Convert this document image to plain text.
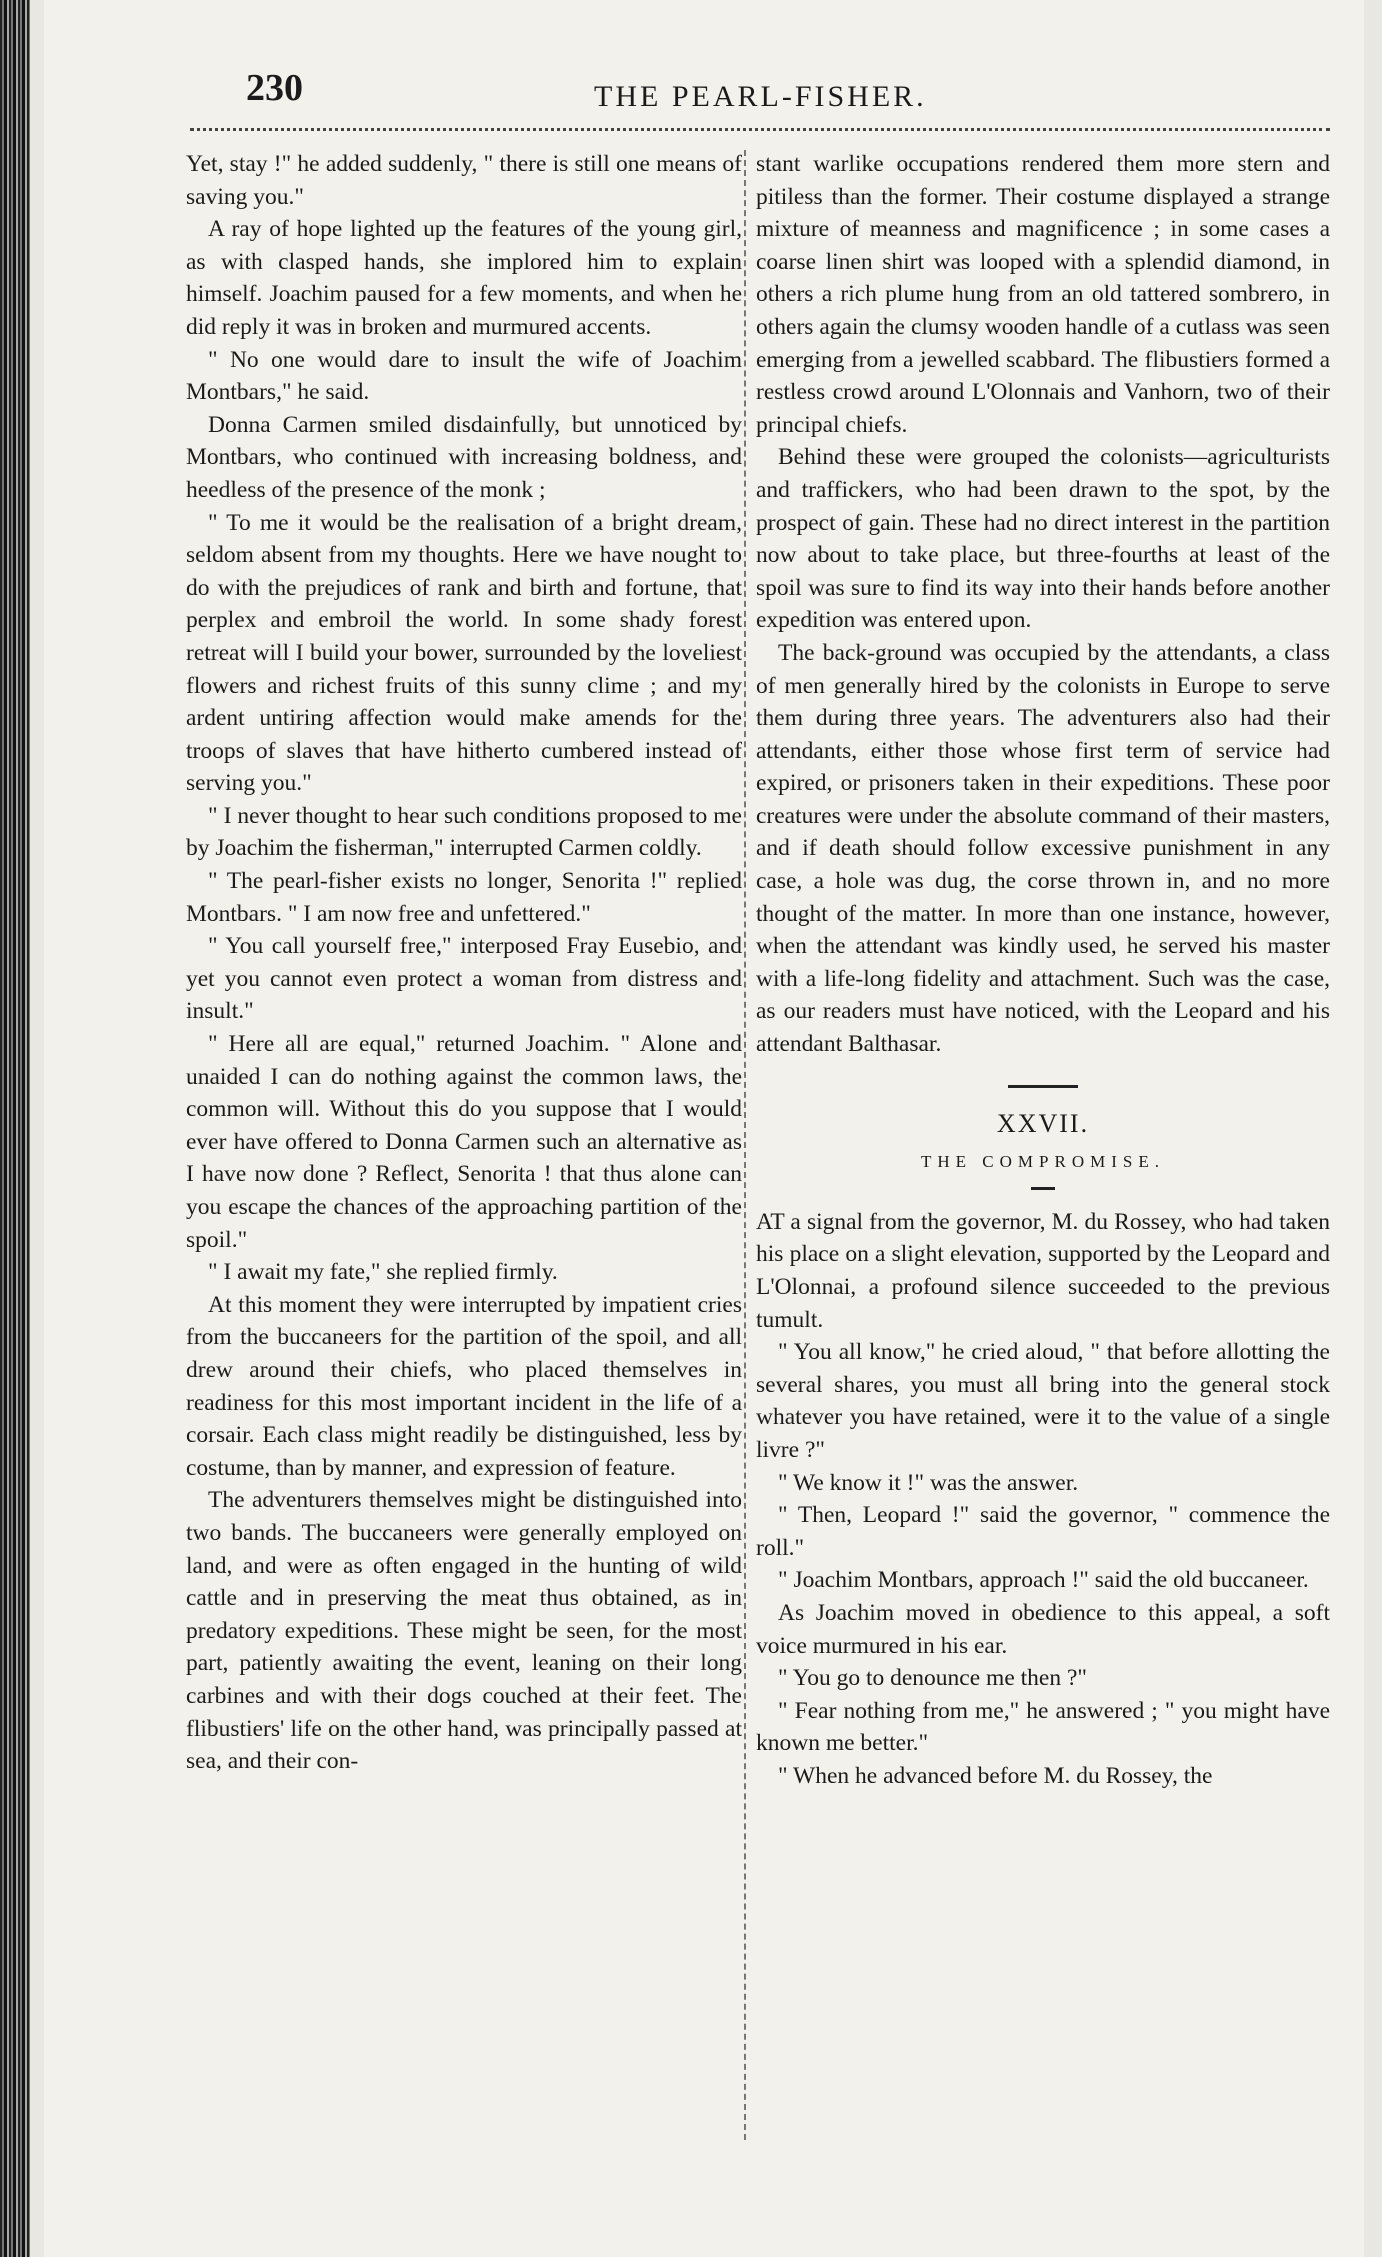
230	THE PEARL-FISHER.

Yet, stay !" he added suddenly, " there is still one means of saving you."

A ray of hope lighted up the features of the young girl, as with clasped hands, she implored him to explain himself. Joachim paused for a few moments, and when he did reply it was in broken and murmured accents.

" No one would dare to insult the wife of Joachim Montbars," he said.

Donna Carmen smiled disdainfully, but unnoticed by Montbars, who continued with increasing boldness, and heedless of the presence of the monk ;

" To me it would be the realisation of a bright dream, seldom absent from my thoughts. Here we have nought to do with the prejudices of rank and birth and fortune, that perplex and embroil the world. In some shady forest retreat will I build your bower, surrounded by the loveliest flowers and richest fruits of this sunny clime ; and my ardent untiring affection would make amends for the troops of slaves that have hitherto cumbered instead of serving you."

" I never thought to hear such conditions proposed to me by Joachim the fisherman," interrupted Carmen coldly.

" The pearl-fisher exists no longer, Senorita !" replied Montbars. " I am now free and unfettered."

" You call yourself free," interposed Fray Eusebio, and yet you cannot even protect a woman from distress and insult."

" Here all are equal," returned Joachim. " Alone and unaided I can do nothing against the common laws, the common will. Without this do you suppose that I would ever have offered to Donna Carmen such an alternative as I have now done ? Reflect, Senorita ! that thus alone can you escape the chances of the approaching partition of the spoil."

" I await my fate," she replied firmly.

At this moment they were interrupted by impatient cries from the buccaneers for the partition of the spoil, and all drew around their chiefs, who placed themselves in readiness for this most important incident in the life of a corsair. Each class might readily be distinguished, less by costume, than by manner, and expression of feature.

The adventurers themselves might be distinguished into two bands. The buccaneers were generally employed on land, and were as often engaged in the hunting of wild cattle and in preserving the meat thus obtained, as in predatory expeditions. These might be seen, for the most part, patiently awaiting the event, leaning on their long carbines and with their dogs couched at their feet. The flibustiers' life on the other hand, was principally passed at sea, and their con-

stant warlike occupations rendered them more stern and pitiless than the former. Their costume displayed a strange mixture of meanness and magnificence ; in some cases a coarse linen shirt was looped with a splendid diamond, in others a rich plume hung from an old tattered sombrero, in others again the clumsy wooden handle of a cutlass was seen emerging from a jewelled scabbard. The flibustiers formed a restless crowd around L'Olonnais and Vanhorn, two of their principal chiefs.

Behind these were grouped the colonists—agriculturists and traffickers, who had been drawn to the spot, by the prospect of gain. These had no direct interest in the partition now about to take place, but three-fourths at least of the spoil was sure to find its way into their hands before another expedition was entered upon.

The back-ground was occupied by the attendants, a class of men generally hired by the colonists in Europe to serve them during three years. The adventurers also had their attendants, either those whose first term of service had expired, or prisoners taken in their expeditions. These poor creatures were under the absolute command of their masters, and if death should follow excessive punishment in any case, a hole was dug, the corse thrown in, and no more thought of the matter. In more than one instance, however, when the attendant was kindly used, he served his master with a life-long fidelity and attachment. Such was the case, as our readers must have noticed, with the Leopard and his attendant Balthasar.

XXVII.
THE COMPROMISE.

AT a signal from the governor, M. du Rossey, who had taken his place on a slight elevation, supported by the Leopard and L'Olonnai, a profound silence succeeded to the previous tumult.

" You all know," he cried aloud, " that before allotting the several shares, you must all bring into the general stock whatever you have retained, were it to the value of a single livre ?"

" We know it !" was the answer.

" Then, Leopard !" said the governor, " commence the roll."

" Joachim Montbars, approach !" said the old buccaneer.

As Joachim moved in obedience to this appeal, a soft voice murmured in his ear.

" You go to denounce me then ?"

" Fear nothing from me," he answered ; " you might have known me better."

" When he advanced before M. du Rossey, the
